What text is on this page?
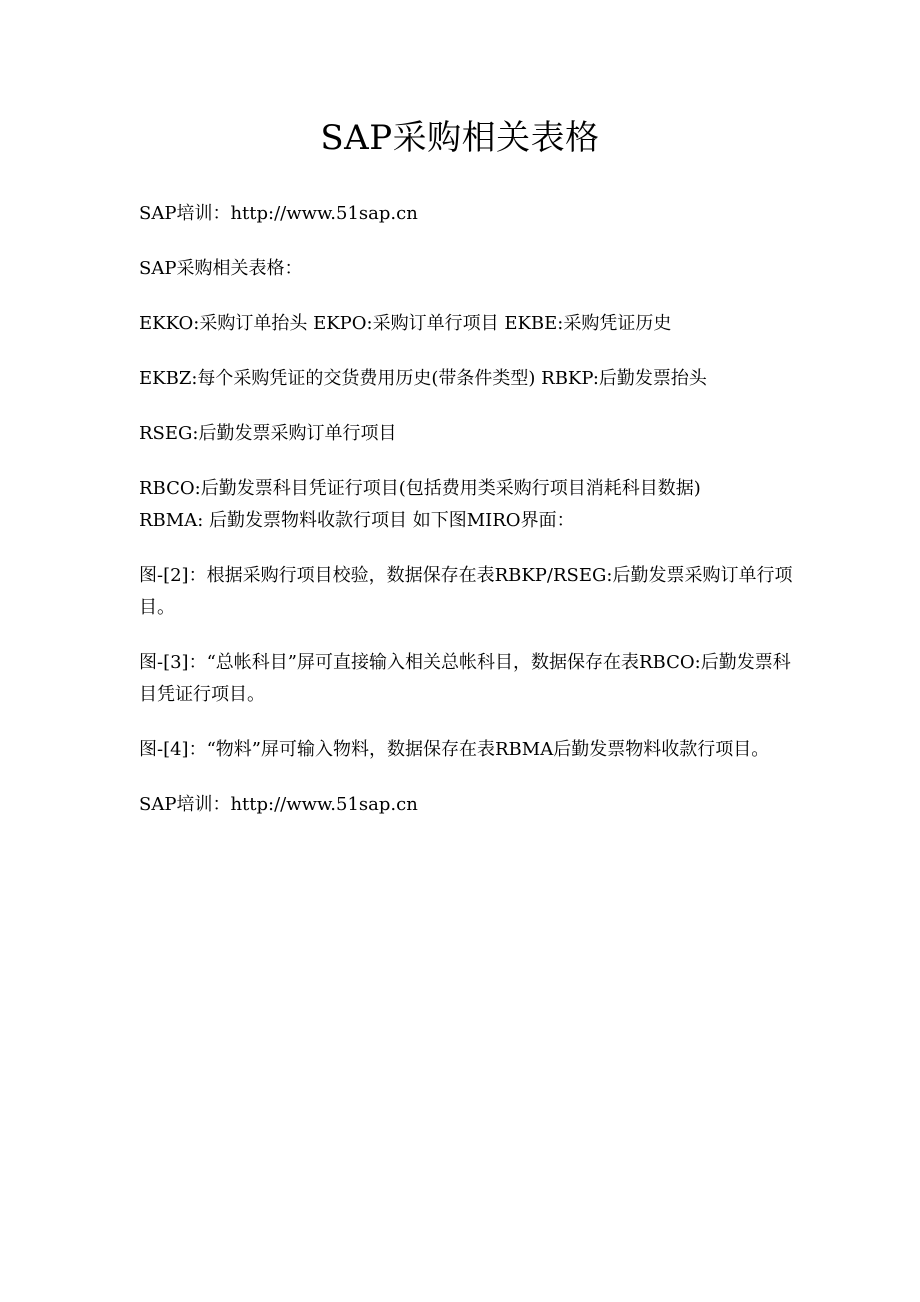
SAP采购相关表格

SAP培训：http://www.51sap.cn

SAP采购相关表格：

EKKO:采购订单抬头 EKPO:采购订单行项目 EKBE:采购凭证历史

EKBZ:每个采购凭证的交货费用历史(带条件类型) RBKP:后勤发票抬头

RSEG:后勤发票采购订单行项目

RBCO:后勤发票科目凭证行项目(包括费用类采购行项目消耗科目数据)

RBMA: 后勤发票物料收款行项目 如下图MIRO界面：

图-[2]：根据采购行项目校验，数据保存在表RBKP/RSEG:后勤发票采购订单行项目。

图-[3]：“总帐科目”屏可直接输入相关总帐科目，数据保存在表RBCO:后勤发票科目凭证行项目。

图-[4]：“物料”屏可输入物料，数据保存在表RBMA后勤发票物料收款行项目。

SAP培训：http://www.51sap.cn
